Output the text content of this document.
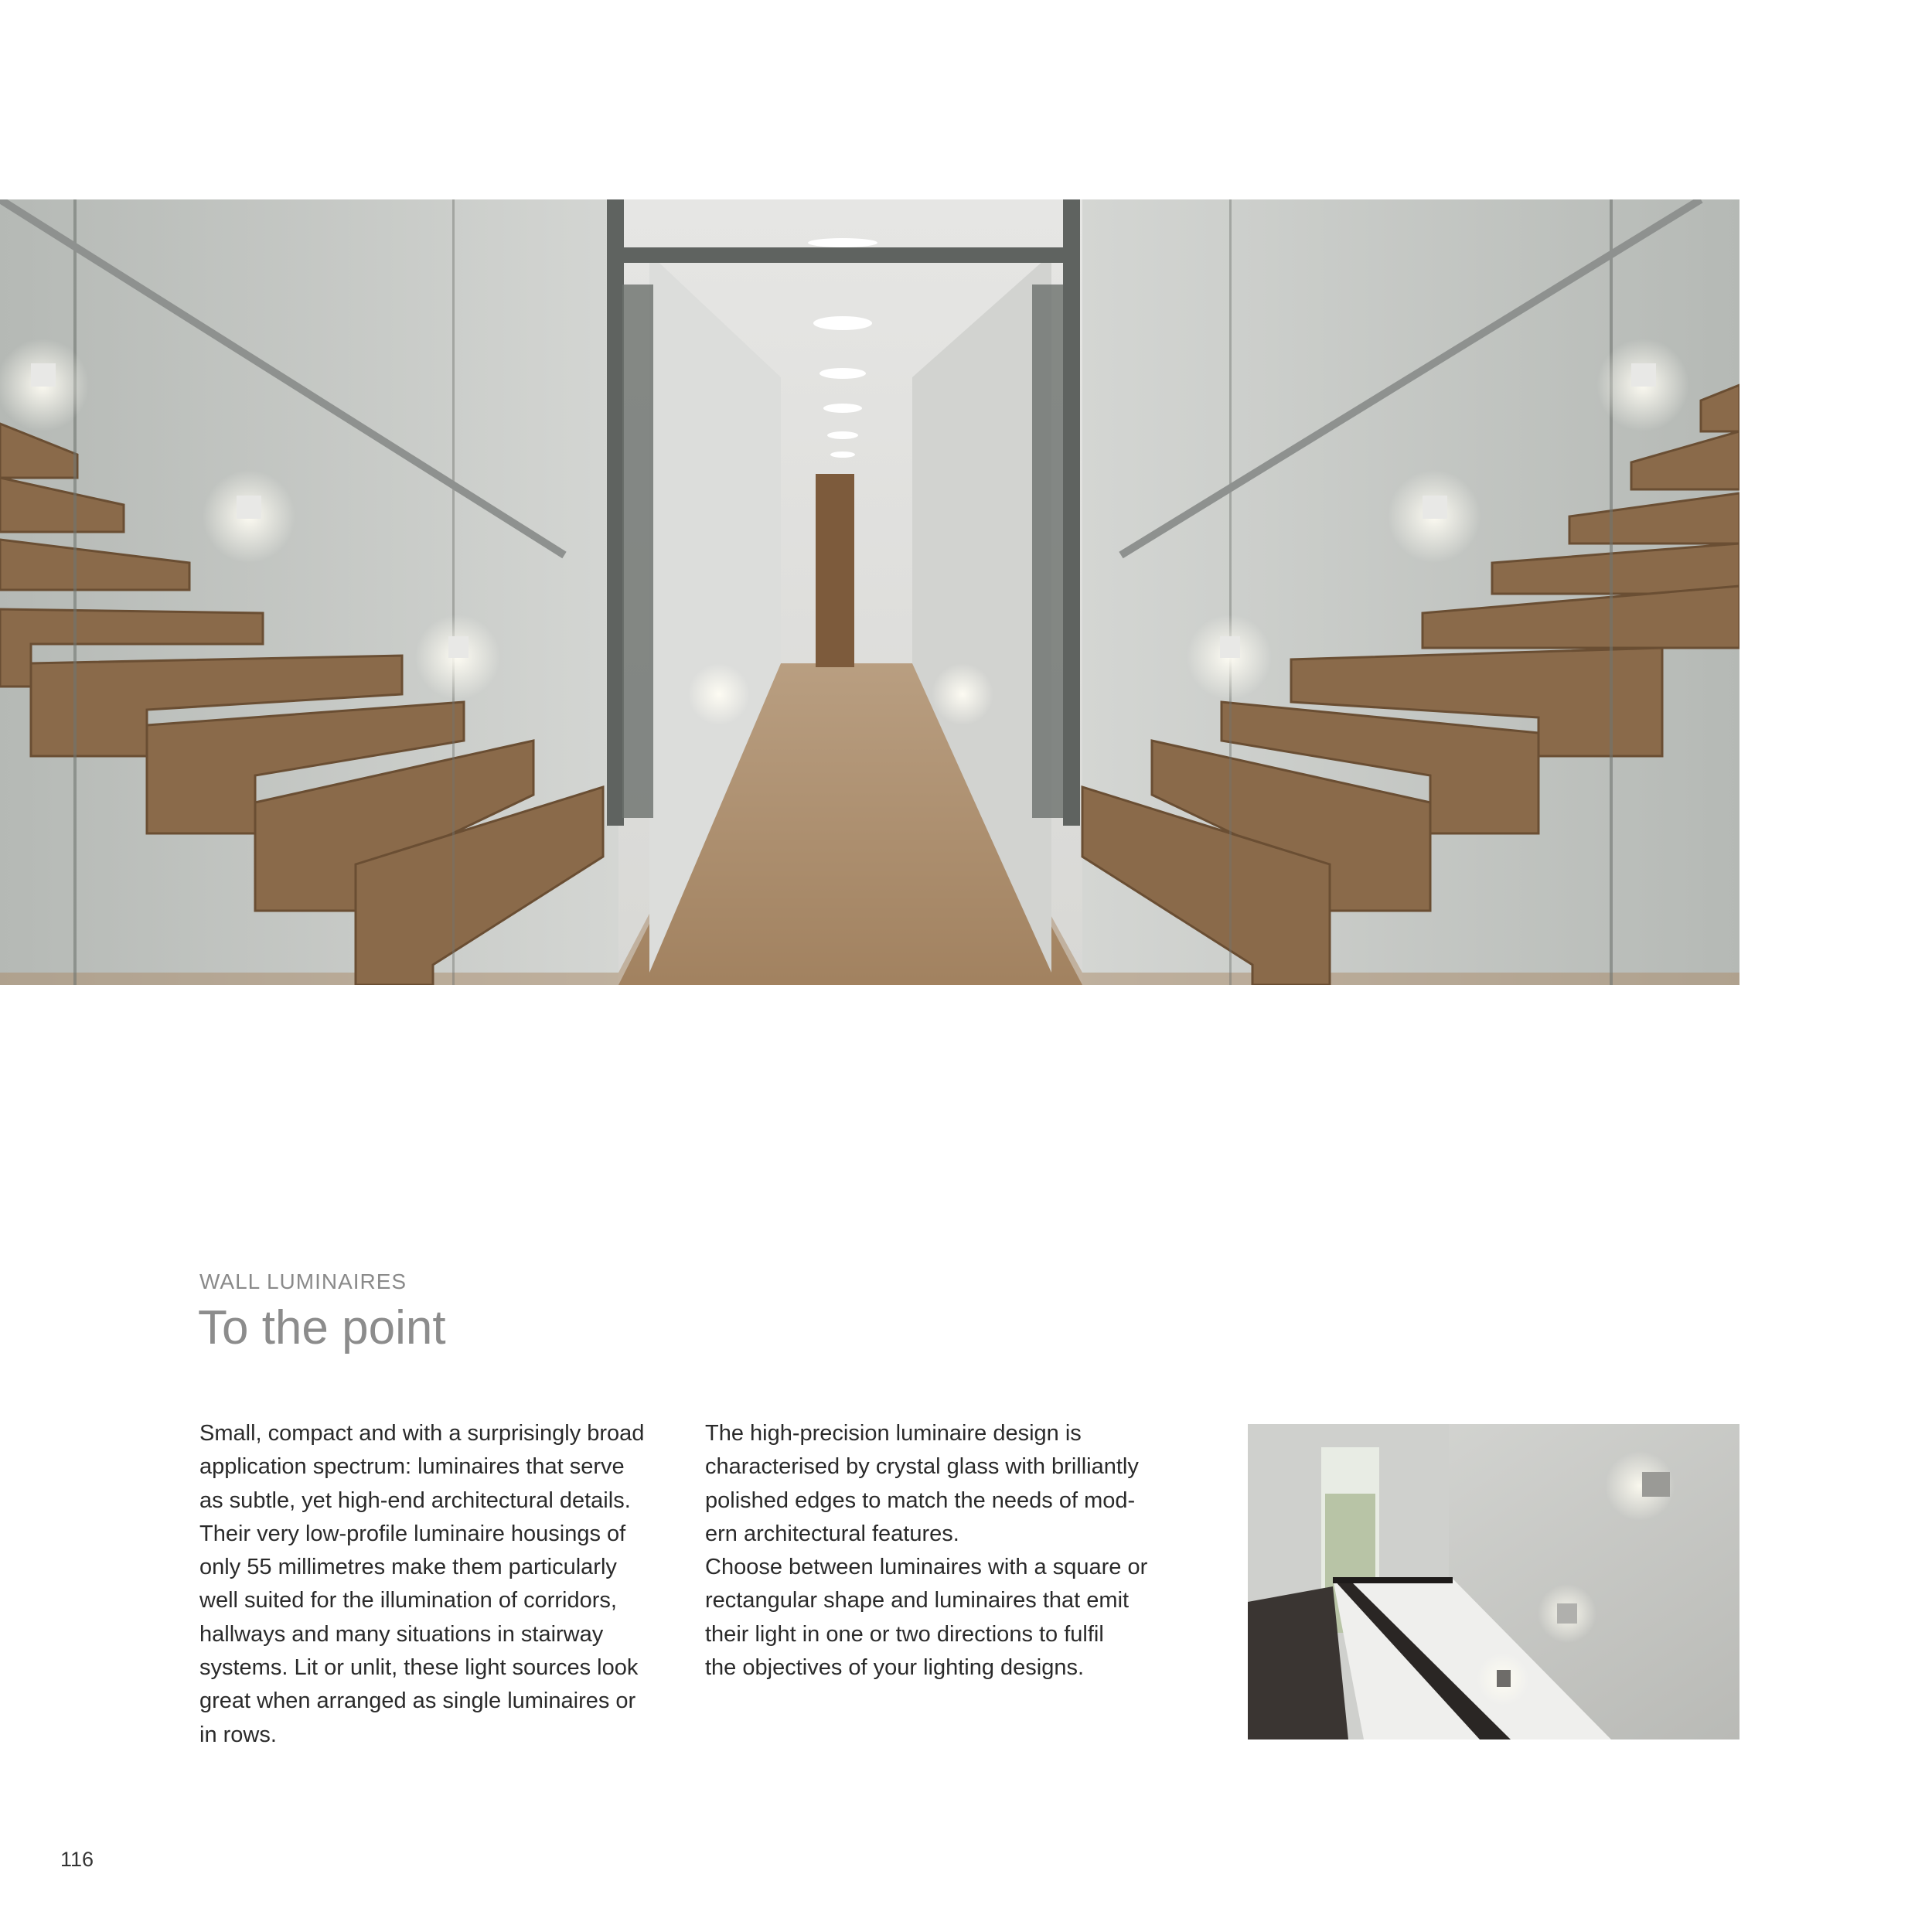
WALL LUMINAIRES
To the point
Small, compact and with a surprisingly broad
application spectrum: luminaires that serve
as subtle, yet high-end architectural details.
Their very low-profile luminaire housings of
only 55 millimetres make them particularly
well suited for the illumination of corridors,
hallways and many situations in stairway
systems. Lit or unlit, these light sources look
great when arranged as single luminaires or
in rows.
The high-precision luminaire design is
characterised by crystal glass with brilliantly
polished edges to match the needs of mod-
ern architectural features.
Choose between luminaires with a square or
rectangular shape and luminaires that emit
their light in one or two directions to fulfil
the objectives of your lighting designs.
116
